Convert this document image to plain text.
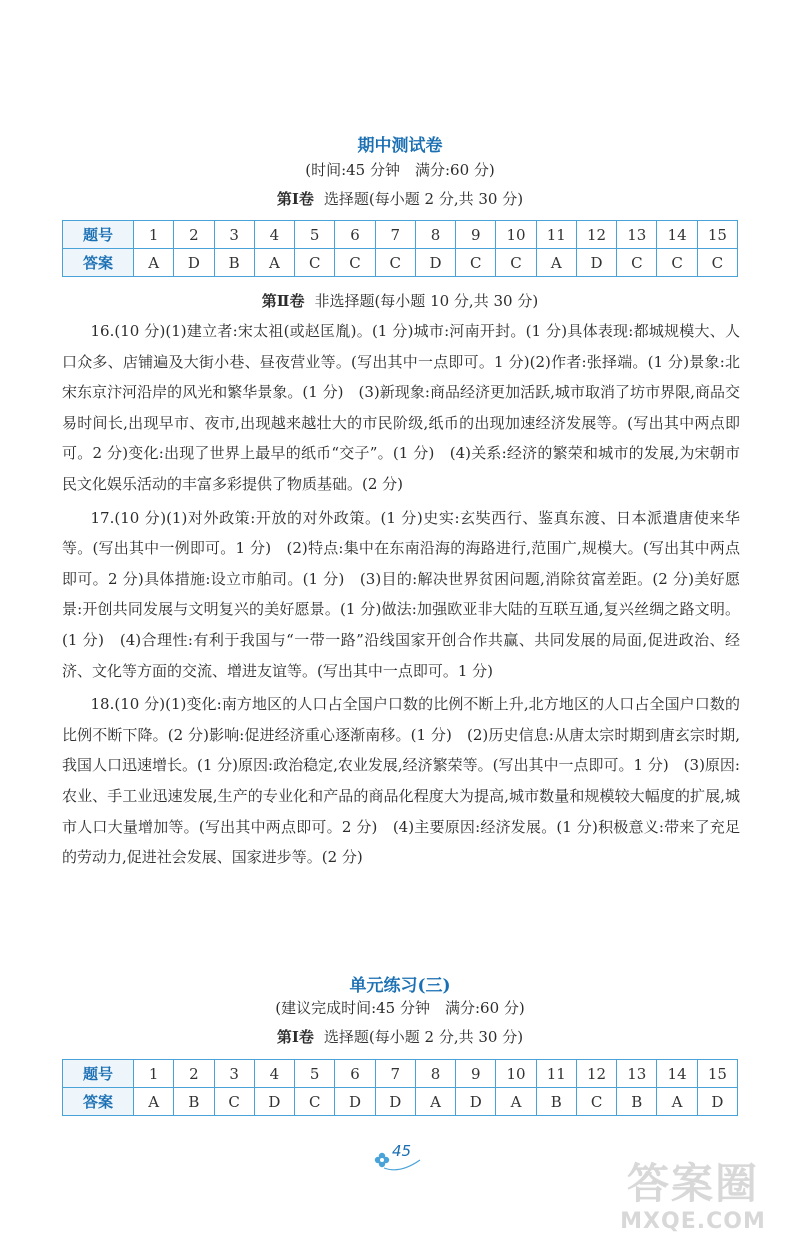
期中测试卷
(时间:45 分钟　满分:60 分)
第Ⅰ卷 选择题(每小题 2 分,共 30 分)
题号	1	2	3	4	5	6	7	8	9	10	11	12	13	14	15
答案	A	D	B	A	C	C	C	D	C	C	A	D	C	C	C
第Ⅱ卷 非选择题(每小题 10 分,共 30 分)

16.(10 分)(1)建立者:宋太祖(或赵匡胤)。(1 分)城市:河南开封。(1 分)具体表现:都城规模大、人口众多、店铺遍及大街小巷、昼夜营业等。(写出其中一点即可。1 分)(2)作者:张择端。(1 分)景象:北宋东京汴河沿岸的风光和繁华景象。(1 分)　(3)新现象:商品经济更加活跃,城市取消了坊市界限,商品交易时间长,出现早市、夜市,出现越来越壮大的市民阶级,纸币的出现加速经济发展等。(写出其中两点即可。2 分)变化:出现了世界上最早的纸币“交子”。(1 分)　(4)关系:经济的繁荣和城市的发展,为宋朝市民文化娱乐活动的丰富多彩提供了物质基础。(2 分)

17.(10 分)(1)对外政策:开放的对外政策。(1 分)史实:玄奘西行、鉴真东渡、日本派遣唐使来华等。(写出其中一例即可。1 分)　(2)特点:集中在东南沿海的海路进行,范围广,规模大。(写出其中两点即可。2 分)具体措施:设立市舶司。(1 分)　(3)目的:解决世界贫困问题,消除贫富差距。(2 分)美好愿景:开创共同发展与文明复兴的美好愿景。(1 分)做法:加强欧亚非大陆的互联互通,复兴丝绸之路文明。(1 分)　(4)合理性:有利于我国与“一带一路”沿线国家开创合作共赢、共同发展的局面,促进政治、经济、文化等方面的交流、增进友谊等。(写出其中一点即可。1 分)

18.(10 分)(1)变化:南方地区的人口占全国户口数的比例不断上升,北方地区的人口占全国户口数的比例不断下降。(2 分)影响:促进经济重心逐渐南移。(1 分)　(2)历史信息:从唐太宗时期到唐玄宗时期,我国人口迅速增长。(1 分)原因:政治稳定,农业发展,经济繁荣等。(写出其中一点即可。1 分)　(3)原因:农业、手工业迅速发展,生产的专业化和产品的商品化程度大为提高,城市数量和规模较大幅度的扩展,城市人口大量增加等。(写出其中两点即可。2 分)　(4)主要原因:经济发展。(1 分)积极意义:带来了充足的劳动力,促进社会发展、国家进步等。(2 分)

单元练习(三)
(建议完成时间:45 分钟　满分:60 分)
第Ⅰ卷 选择题(每小题 2 分,共 30 分)
题号	1	2	3	4	5	6	7	8	9	10	11	12	13	14	15
答案	A	B	C	D	C	D	D	A	D	A	B	C	B	A	D
45
答案圈
MXQE.COM
